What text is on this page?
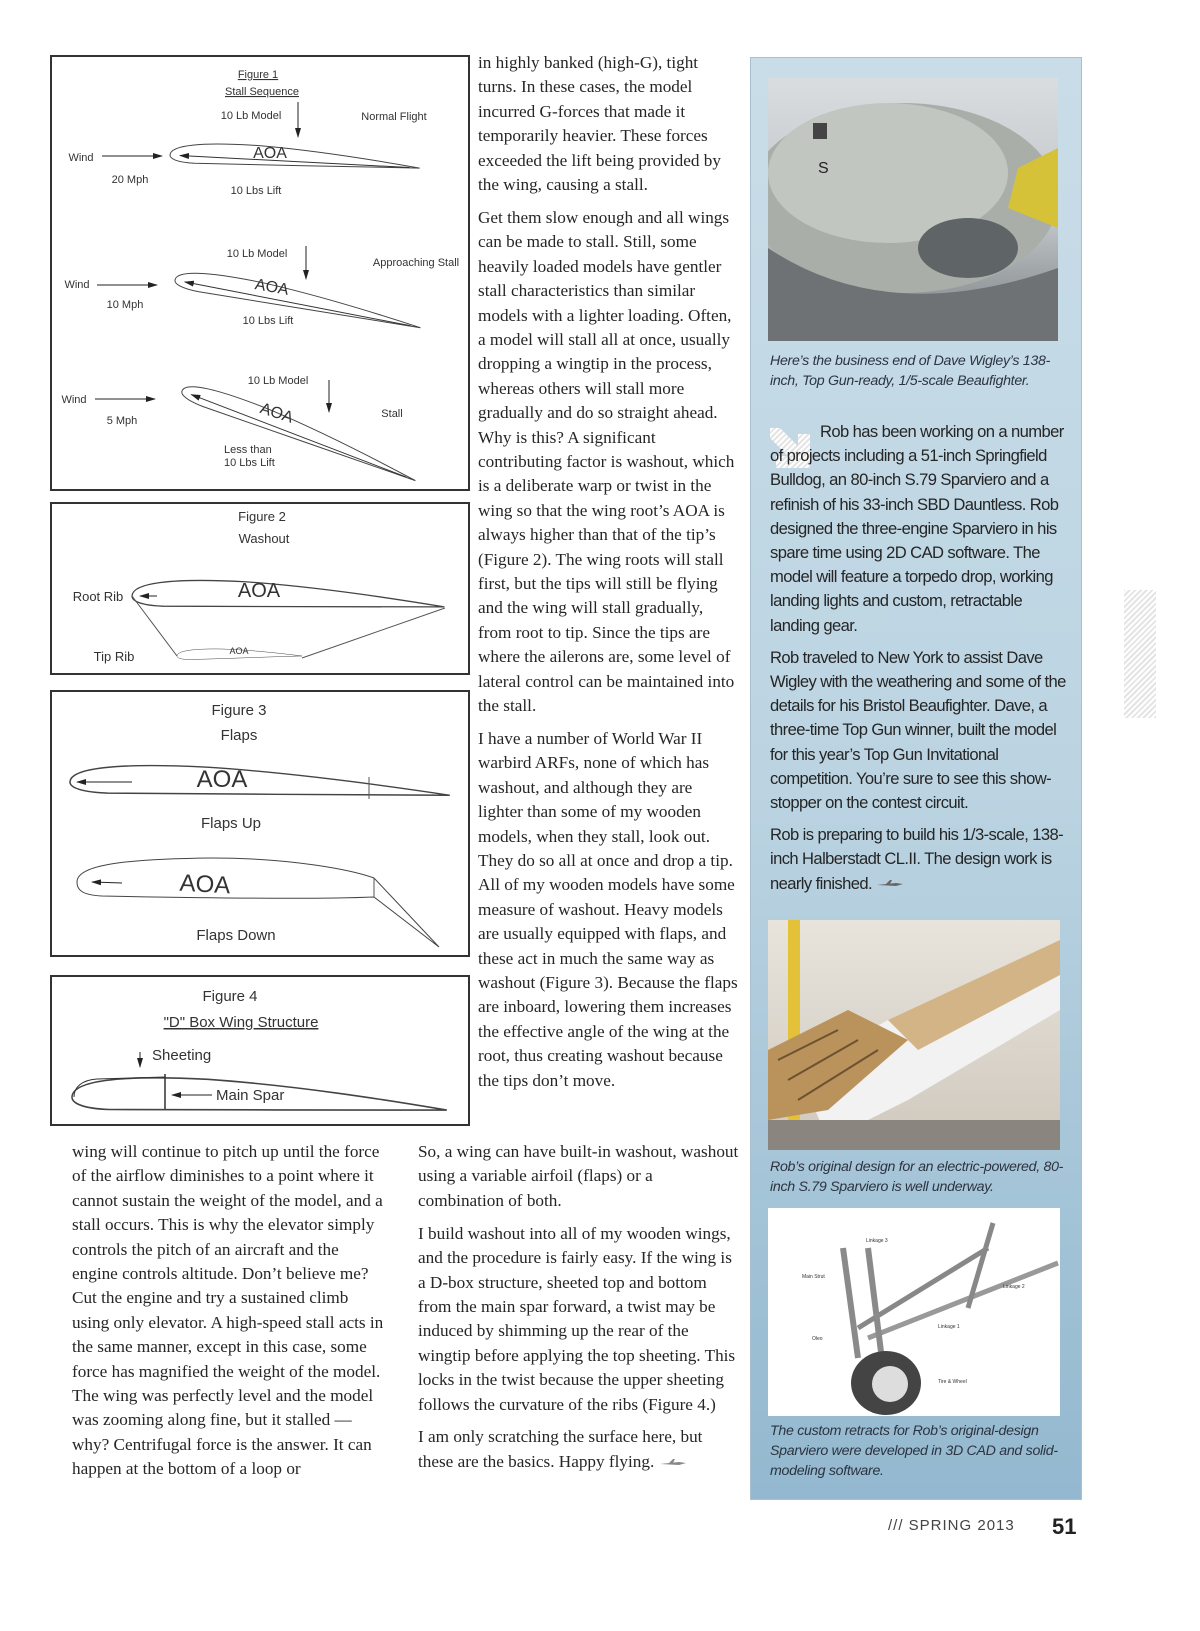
Figure 1
Stall Sequence
10 Lb Model	Normal Flight
Wind
20 Mph
AOA
10 Lbs Lift
10 Lb Model
Approaching Stall
Wind
10 Mph
AOA
10 Lbs Lift
10 Lb Model
Stall
Wind
5 Mph	AOA
Less than
10 Lbs Lift
Figure 2
Washout
Root Rib	AOA
AOA
Tip Rib
Figure 3
Flaps
AOA
Flaps Up
AOA
Flaps Down
Figure 4
"D" Box Wing Structure
Sheeting
Main Spar

in highly banked (high-G), tight turns. In these cases, the model incurred G-forces that made it temporarily heavier. These forces exceeded the lift being provided by the wing, causing a stall.

Get them slow enough and all wings can be made to stall. Still, some heavily loaded models have gentler stall characteristics than similar models with a lighter loading. Often, a model will stall all at once, usually dropping a wingtip in the process, whereas others will stall more gradually and do so straight ahead. Why is this? A significant contributing factor is washout, which is a deliberate warp or twist in the wing so that the wing root’s AOA is always higher than that of the tip’s (Figure 2). The wing roots will stall first, but the tips will still be flying and the wing will stall gradually, from root to tip. Since the tips are where the ailerons are, some level of lateral control can be maintained into the stall.

I have a number of World War II warbird ARFs, none of which has washout, and although they are lighter than some of my wooden models, when they stall, look out. They do so all at once and drop a tip. All of my wooden models have some measure of washout. Heavy models are usually equipped with flaps, and these act in much the same way as washout (Figure 3). Because the flaps are inboard, lowering them increases the effective angle of the wing at the root, thus creating washout because the tips don’t move.

wing will continue to pitch up until the force of the airflow diminishes to a point where it cannot sustain the weight of the model, and a stall occurs. This is why the elevator simply controls the pitch of an aircraft and the engine controls altitude. Don’t believe me? Cut the engine and try a sustained climb using only elevator. A high-speed stall acts in the same manner, except in this case, some force has magnified the weight of the model. The wing was perfectly level and the model was zooming along fine, but it stalled — why? Centrifugal force is the answer. It can happen at the bottom of a loop or

So, a wing can have built-in washout, washout using a variable airfoil (flaps) or a combination of both.

I build washout into all of my wooden wings, and the procedure is fairly easy. If the wing is a D-box structure, sheeted top and bottom from the main spar forward, a twist may be induced by shimming up the rear of the wingtip before applying the top sheeting. This locks in the twist because the upper sheeting follows the curvature of the ribs (Figure 4.)

I am only scratching the surface here, but these are the basics. Happy flying.

S
Here’s the business end of Dave Wigley’s 138-inch, Top Gun-ready, 1/5-scale Beaufighter.

Rob has been working on a number of projects including a 51-inch Springfield Bulldog, an 80-inch S.79 Sparviero and a refinish of his 33-inch SBD Dauntless. Rob designed the three-engine Sparviero in his spare time using 2D CAD software. The model will feature a torpedo drop, working landing lights and custom, retractable landing gear.

Rob traveled to New York to assist Dave Wigley with the weathering and some of the details for his Bristol Beaufighter. Dave, a three-time Top Gun winner, built the model for this year’s Top Gun Invitational competition. You’re sure to see this show-stopper on the contest circuit.

Rob is preparing to build his 1/3-scale, 138-inch Halberstadt CL.II. The design work is nearly finished.

Rob’s original design for an electric-powered, 80-inch S.79 Sparviero is well underway.
Linkage 3
Main Strut
Linkage 2
Linkage 1
Oleo
Tire & Wheel
The custom retracts for Rob’s original-design Sparviero were developed in 3D CAD and solid-modeling software.
/// SPRING 2013 51
